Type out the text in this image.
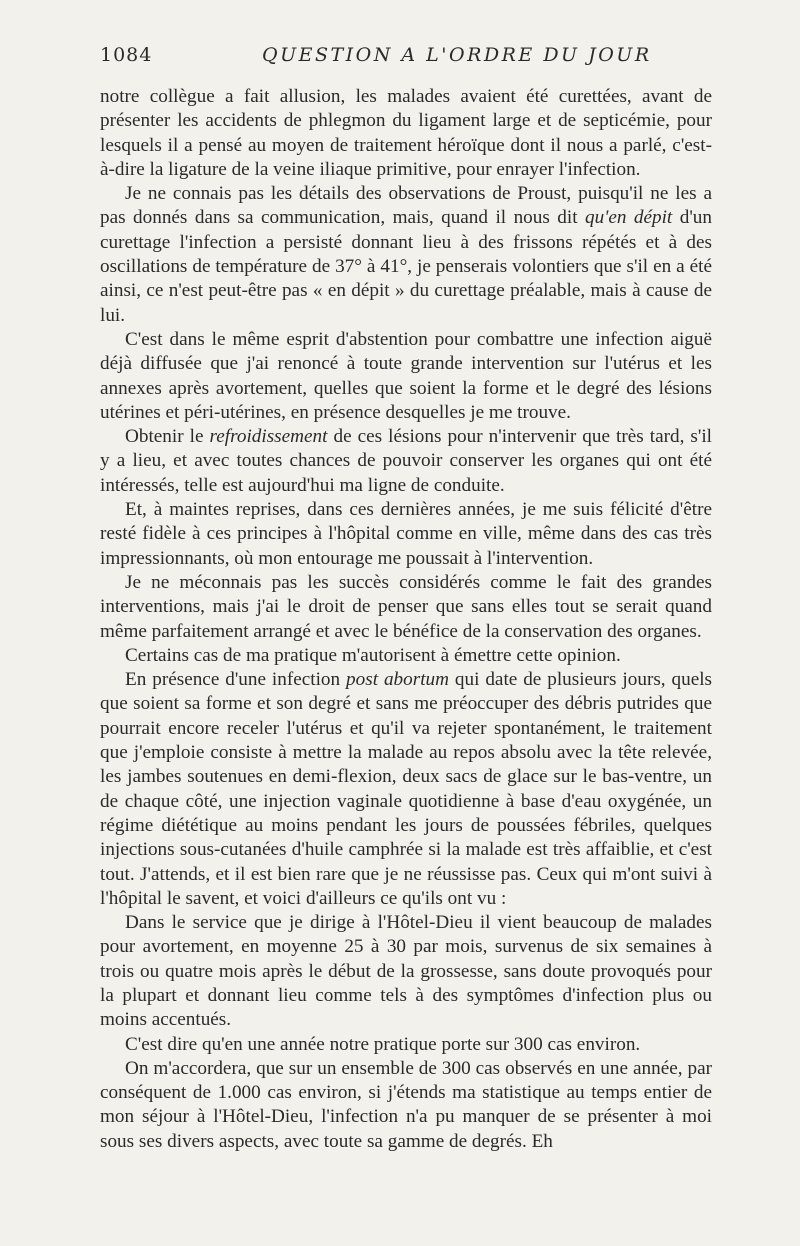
1084	QUESTION A L'ORDRE DU JOUR

notre collègue a fait allusion, les malades avaient été curettées, avant de présenter les accidents de phlegmon du ligament large et de septicémie, pour lesquels il a pensé au moyen de traitement héroïque dont il nous a parlé, c'est-à-dire la ligature de la veine iliaque primitive, pour enrayer l'infection.

Je ne connais pas les détails des observations de Proust, puisqu'il ne les a pas donnés dans sa communication, mais, quand il nous dit qu'en dépit d'un curettage l'infection a persisté donnant lieu à des frissons répétés et à des oscillations de température de 37° à 41°, je penserais volontiers que s'il en a été ainsi, ce n'est peut-être pas « en dépit » du curettage préalable, mais à cause de lui.

C'est dans le même esprit d'abstention pour combattre une infection aiguë déjà diffusée que j'ai renoncé à toute grande intervention sur l'utérus et les annexes après avortement, quelles que soient la forme et le degré des lésions utérines et péri-utérines, en présence desquelles je me trouve.

Obtenir le refroidissement de ces lésions pour n'intervenir que très tard, s'il y a lieu, et avec toutes chances de pouvoir conserver les organes qui ont été intéressés, telle est aujourd'hui ma ligne de conduite.

Et, à maintes reprises, dans ces dernières années, je me suis félicité d'être resté fidèle à ces principes à l'hôpital comme en ville, même dans des cas très impressionnants, où mon entourage me poussait à l'intervention.

Je ne méconnais pas les succès considérés comme le fait des grandes interventions, mais j'ai le droit de penser que sans elles tout se serait quand même parfaitement arrangé et avec le bénéfice de la conservation des organes.

Certains cas de ma pratique m'autorisent à émettre cette opinion.

En présence d'une infection post abortum qui date de plusieurs jours, quels que soient sa forme et son degré et sans me préoccuper des débris putrides que pourrait encore receler l'utérus et qu'il va rejeter spontanément, le traitement que j'emploie consiste à mettre la malade au repos absolu avec la tête relevée, les jambes soutenues en demi-flexion, deux sacs de glace sur le bas-ventre, un de chaque côté, une injection vaginale quotidienne à base d'eau oxygénée, un régime diététique au moins pendant les jours de poussées fébriles, quelques injections sous-cutanées d'huile camphrée si la malade est très affaiblie, et c'est tout. J'attends, et il est bien rare que je ne réussisse pas. Ceux qui m'ont suivi à l'hôpital le savent, et voici d'ailleurs ce qu'ils ont vu :

Dans le service que je dirige à l'Hôtel-Dieu il vient beaucoup de malades pour avortement, en moyenne 25 à 30 par mois, survenus de six semaines à trois ou quatre mois après le début de la grossesse, sans doute provoqués pour la plupart et donnant lieu comme tels à des symptômes d'infection plus ou moins accentués.

C'est dire qu'en une année notre pratique porte sur 300 cas environ.

On m'accordera, que sur un ensemble de 300 cas observés en une année, par conséquent de 1.000 cas environ, si j'étends ma statistique au temps entier de mon séjour à l'Hôtel-Dieu, l'infection n'a pu manquer de se présenter à moi sous ses divers aspects, avec toute sa gamme de degrés. Eh
